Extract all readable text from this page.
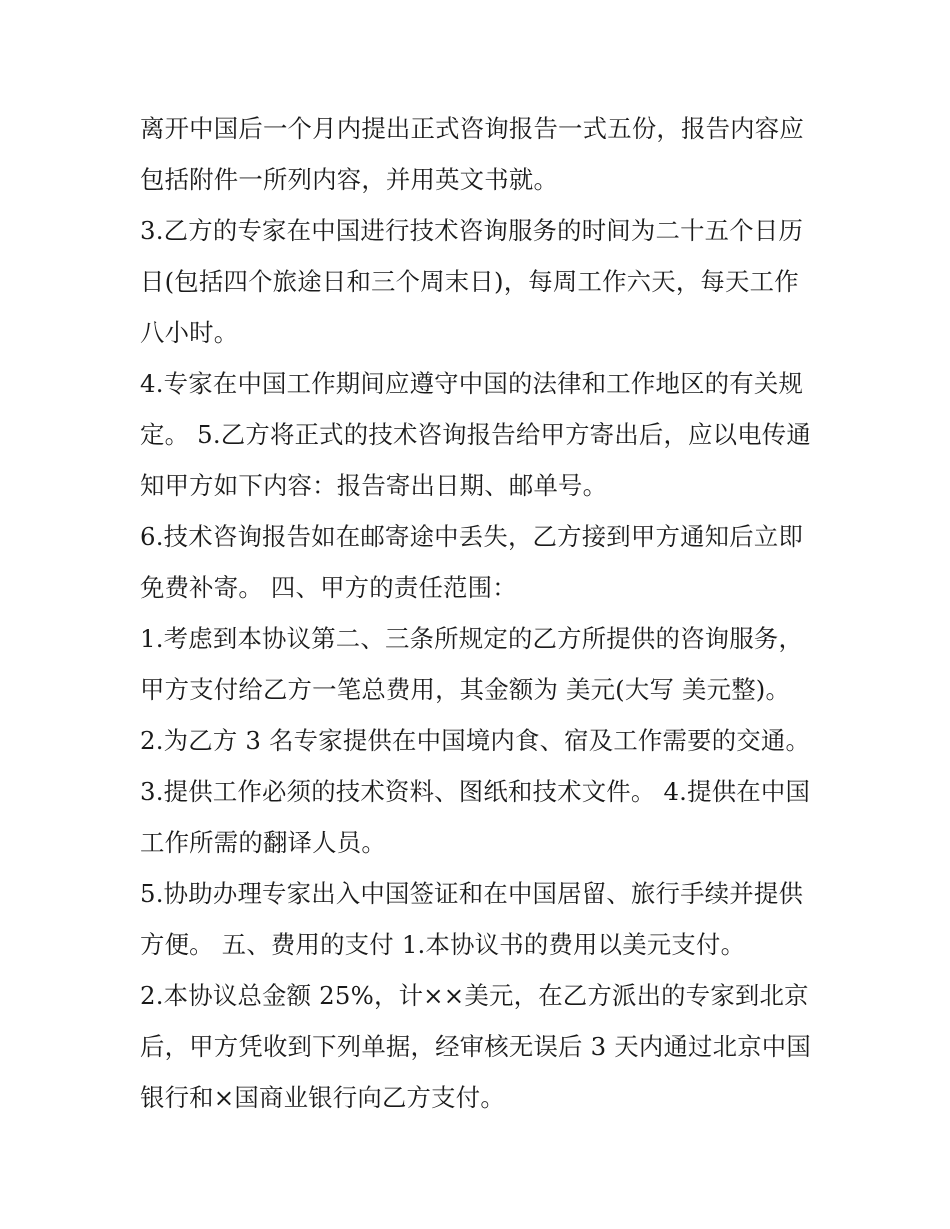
离开中国后一个月内提出正式咨询报告一式五份，报告内容应
包括附件一所列内容，并用英文书就。
3.乙方的专家在中国进行技术咨询服务的时间为二十五个日历
日(包括四个旅途日和三个周末日)，每周工作六天，每天工作
八小时。
4.专家在中国工作期间应遵守中国的法律和工作地区的有关规
定。 5.乙方将正式的技术咨询报告给甲方寄出后，应以电传通
知甲方如下内容：报告寄出日期、邮单号。
6.技术咨询报告如在邮寄途中丢失，乙方接到甲方通知后立即
免费补寄。 四、甲方的责任范围：
1.考虑到本协议第二、三条所规定的乙方所提供的咨询服务，
甲方支付给乙方一笔总费用，其金额为 美元(大写 美元整)。
2.为乙方 3 名专家提供在中国境内食、宿及工作需要的交通。
3.提供工作必须的技术资料、图纸和技术文件。 4.提供在中国
工作所需的翻译人员。
5.协助办理专家出入中国签证和在中国居留、旅行手续并提供
方便。 五、费用的支付 1.本协议书的费用以美元支付。
2.本协议总金额 25%，计××美元，在乙方派出的专家到北京
后，甲方凭收到下列单据，经审核无误后 3 天内通过北京中国
银行和×国商业银行向乙方支付。
